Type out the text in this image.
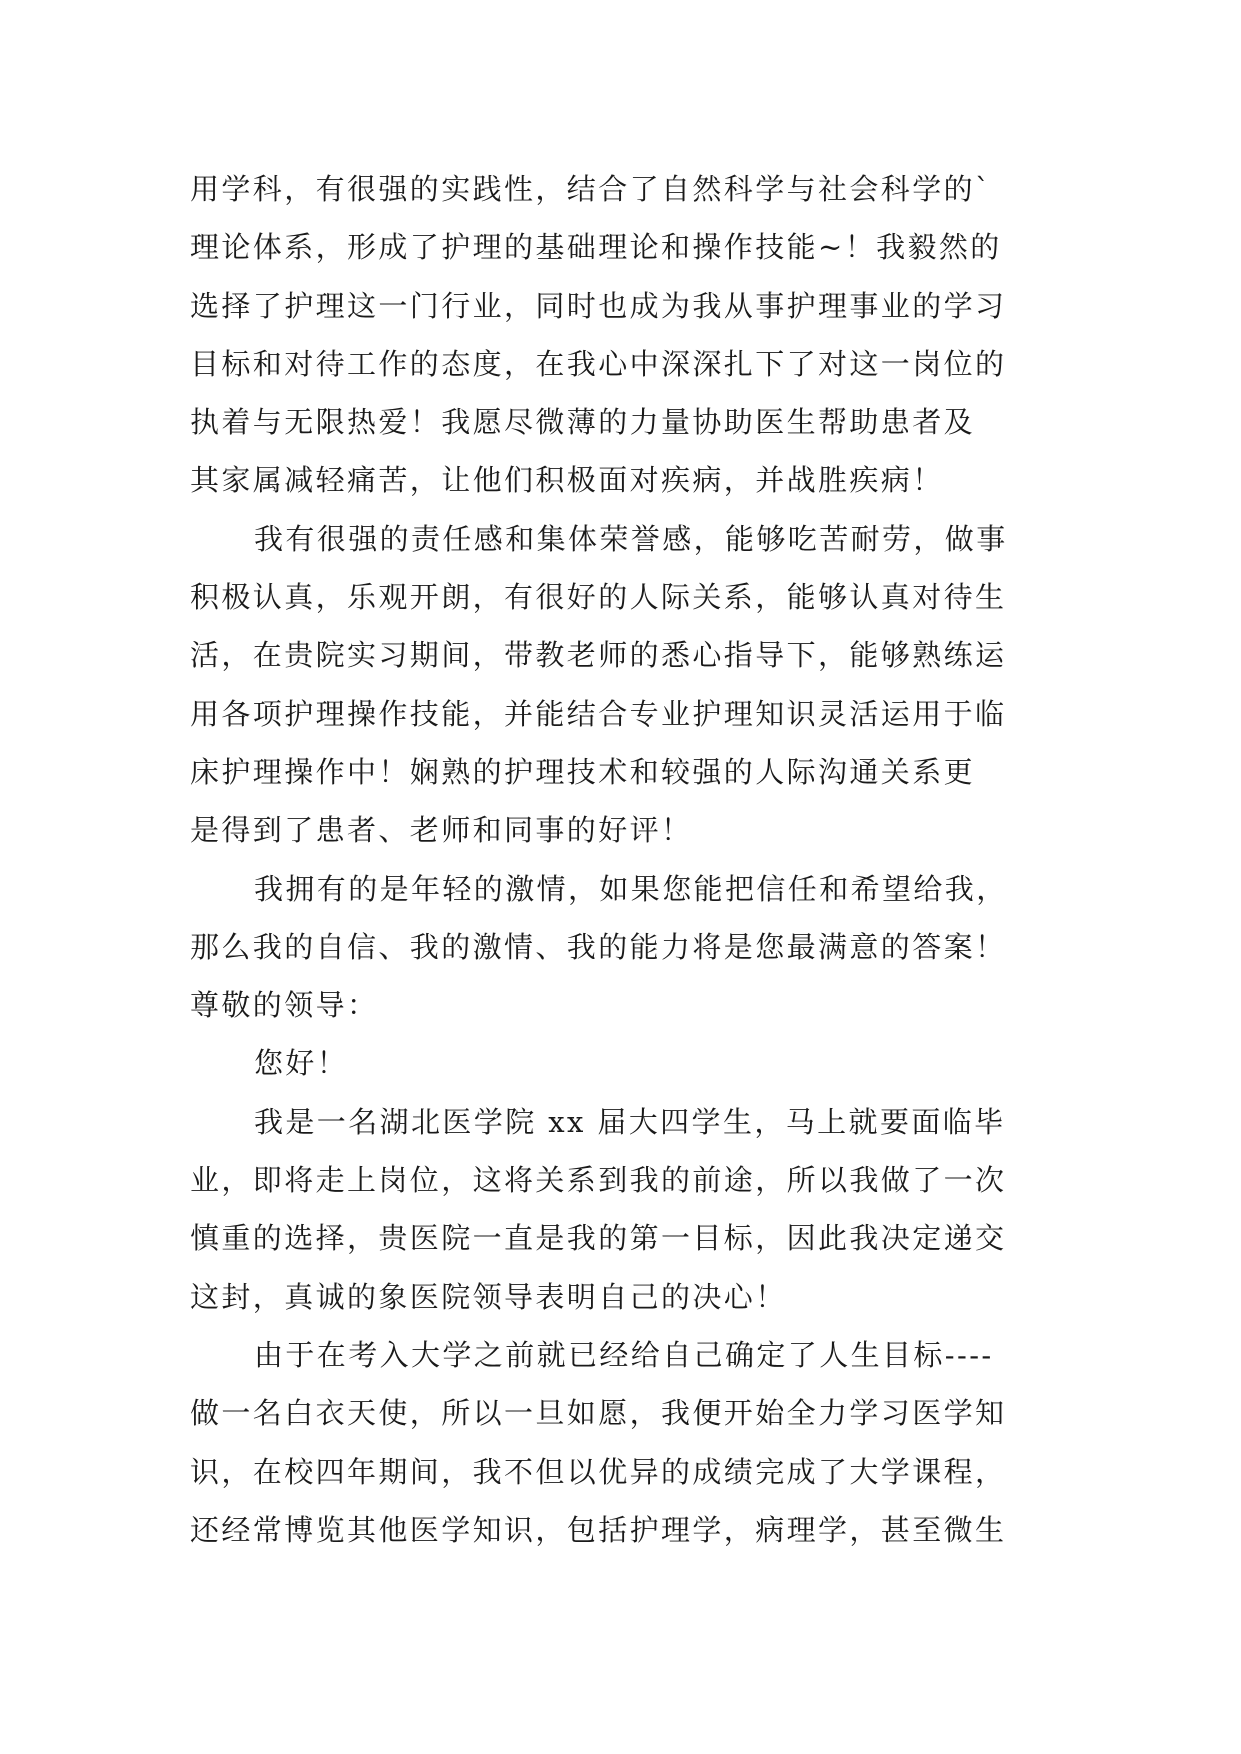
用学科，有很强的实践性，结合了自然科学与社会科学的`
理论体系，形成了护理的基础理论和操作技能~！我毅然的
选择了护理这一门行业，同时也成为我从事护理事业的学习
目标和对待工作的态度，在我心中深深扎下了对这一岗位的
执着与无限热爱！我愿尽微薄的力量协助医生帮助患者及
其家属减轻痛苦，让他们积极面对疾病，并战胜疾病！
我有很强的责任感和集体荣誉感，能够吃苦耐劳，做事
积极认真，乐观开朗，有很好的人际关系，能够认真对待生
活，在贵院实习期间，带教老师的悉心指导下，能够熟练运
用各项护理操作技能，并能结合专业护理知识灵活运用于临
床护理操作中！娴熟的护理技术和较强的人际沟通关系更
是得到了患者、老师和同事的好评！
我拥有的是年轻的激情，如果您能把信任和希望给我，
那么我的自信、我的激情、我的能力将是您最满意的答案！
尊敬的领导：
您好！
我是一名湖北医学院 xx 届大四学生，马上就要面临毕
业，即将走上岗位，这将关系到我的前途，所以我做了一次
慎重的选择，贵医院一直是我的第一目标，因此我决定递交
这封，真诚的象医院领导表明自己的决心！
由于在考入大学之前就已经给自己确定了人生目标----
做一名白衣天使，所以一旦如愿，我便开始全力学习医学知
识，在校四年期间，我不但以优异的成绩完成了大学课程，
还经常博览其他医学知识，包括护理学，病理学，甚至微生
